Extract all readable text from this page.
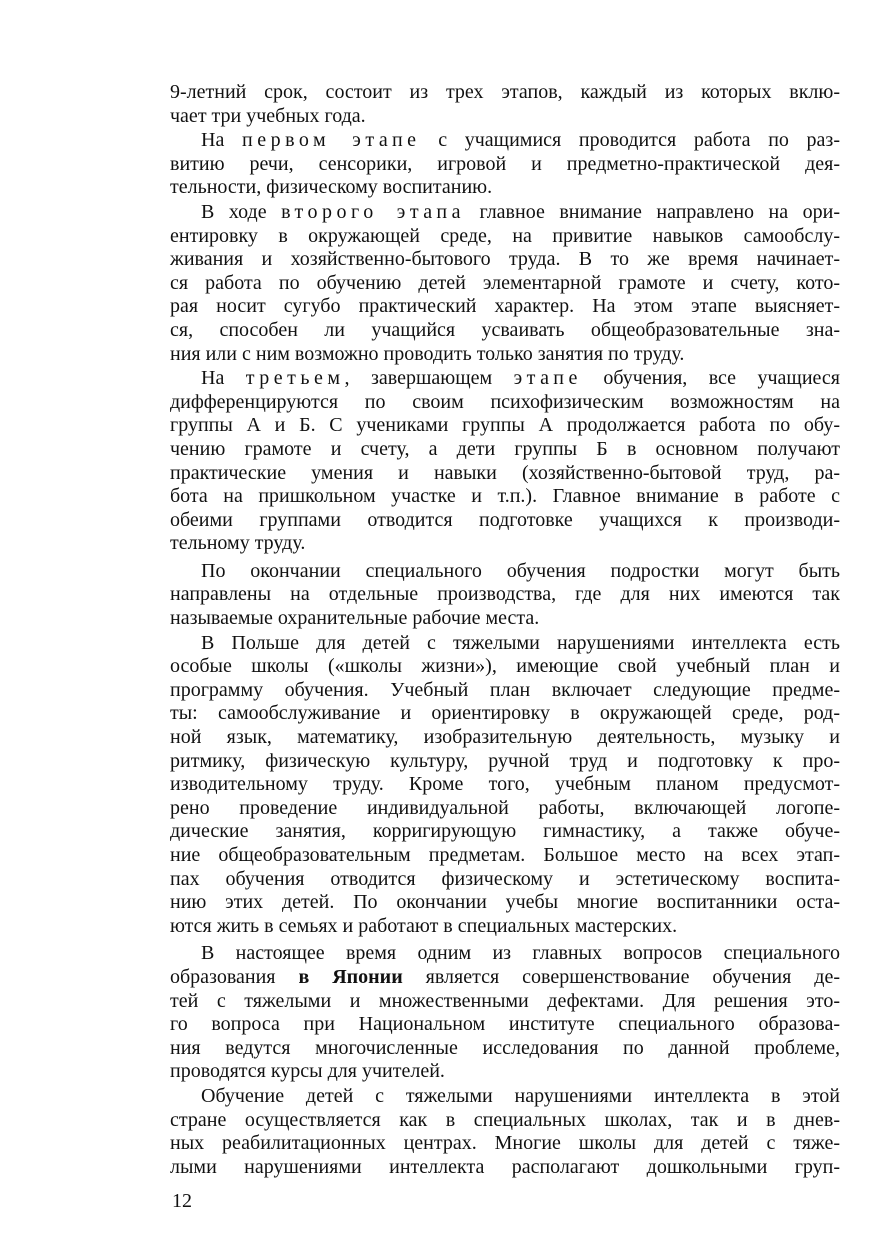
9-летний срок, состоит из трех этапов, каждый из которых вклю-
чает три учебных года.
На первом этапе с учащимися проводится работа по раз-
витию речи, сенсорики, игровой и предметно-практической дея-
тельности, физическому воспитанию.
В ходе второго этапа главное внимание направлено на ори-
ентировку в окружающей среде, на привитие навыков самообслу-
живания и хозяйственно-бытового труда. В то же время начинает-
ся работа по обучению детей элементарной грамоте и счету, кото-
рая носит сугубо практический характер. На этом этапе выясняет-
ся, способен ли учащийся усваивать общеобразовательные зна-
ния или с ним возможно проводить только занятия по труду.
На третьем, завершающем этапе обучения, все учащиеся
дифференцируются по своим психофизическим возможностям на
группы А и Б. С учениками группы А продолжается работа по обу-
чению грамоте и счету, а дети группы Б в основном получают
практические умения и навыки (хозяйственно-бытовой труд, ра-
бота на пришкольном участке и т.п.). Главное внимание в работе с
обеими группами отводится подготовке учащихся к производи-
тельному труду.
По окончании специального обучения подростки могут быть
направлены на отдельные производства, где для них имеются так
называемые охранительные рабочие места.
В Польше для детей с тяжелыми нарушениями интеллекта есть
особые школы («школы жизни»), имеющие свой учебный план и
программу обучения. Учебный план включает следующие предме-
ты: самообслуживание и ориентировку в окружающей среде, род-
ной язык, математику, изобразительную деятельность, музыку и
ритмику, физическую культуру, ручной труд и подготовку к про-
изводительному труду. Кроме того, учебным планом предусмот-
рено проведение индивидуальной работы, включающей логопе-
дические занятия, корригирующую гимнастику, а также обуче-
ние общеобразовательным предметам. Большое место на всех этап-
пах обучения отводится физическому и эстетическому воспита-
нию этих детей. По окончании учебы многие воспитанники оста-
ются жить в семьях и работают в специальных мастерских.
В настоящее время одним из главных вопросов специального
образования в Японии является совершенствование обучения де-
тей с тяжелыми и множественными дефектами. Для решения это-
го вопроса при Национальном институте специального образова-
ния ведутся многочисленные исследования по данной проблеме,
проводятся курсы для учителей.
Обучение детей с тяжелыми нарушениями интеллекта в этой
стране осуществляется как в специальных школах, так и в днев-
ных реабилитационных центрах. Многие школы для детей с тяже-
лыми нарушениями интеллекта располагают дошкольными груп-
12
